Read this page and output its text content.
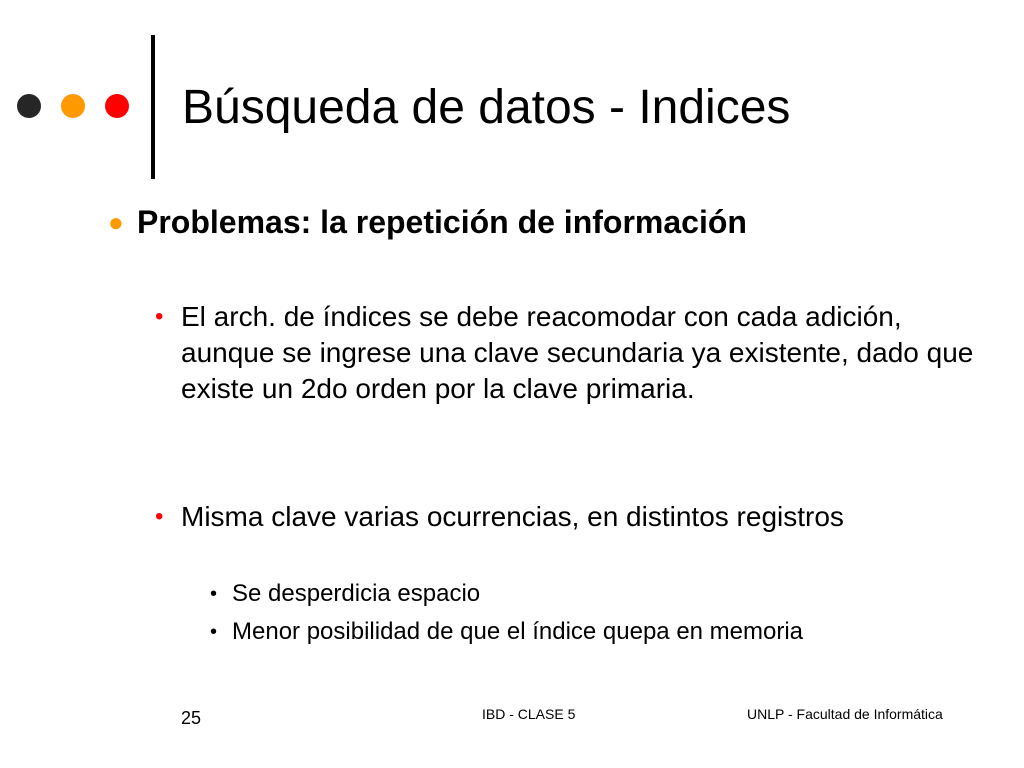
Búsqueda de datos - Indices
● Problemas: la repetición de información
• El arch. de índices se debe reacomodar con cada adición, aunque se ingrese una clave secundaria ya existente, dado que existe un 2do orden por la clave primaria.
• Misma clave varias ocurrencias, en distintos registros
• Se desperdicia espacio
• Menor posibilidad de que el índice quepa en memoria
25	IBD - CLASE 5	UNLP - Facultad de Informática
